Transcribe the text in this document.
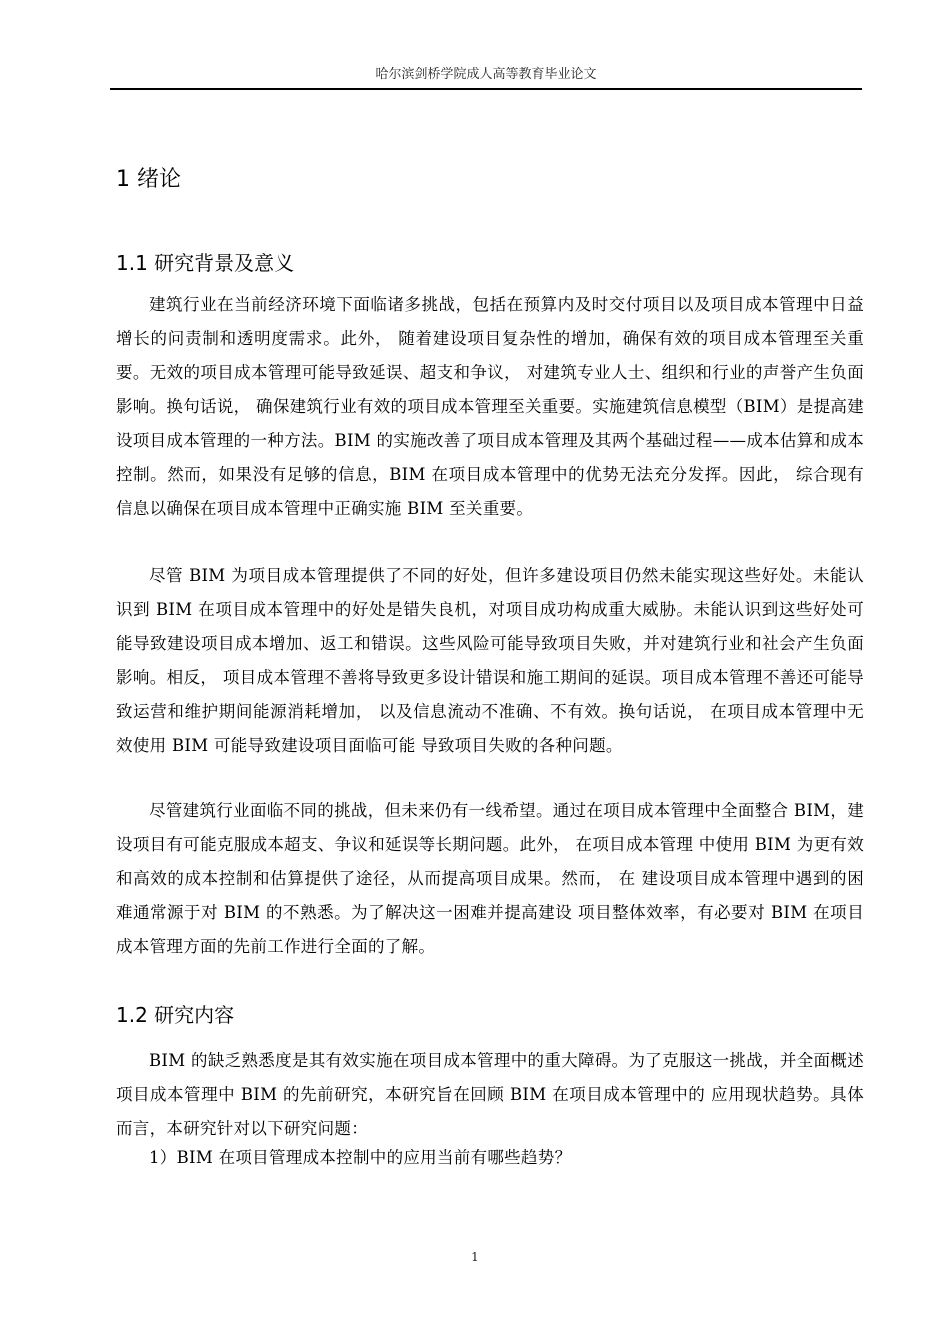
哈尔滨剑桥学院成人高等教育毕业论文
1 绪论
1.1 研究背景及意义

建筑行业在当前经济环境下面临诸多挑战，包括在预算内及时交付项目以及项目成本管理中日益增长的问责制和透明度需求。此外， 随着建设项目复杂性的增加，确保有效的项目成本管理至关重要。无效的项目成本管理可能导致延误、超支和争议， 对建筑专业人士、组织和行业的声誉产生负面影响。换句话说， 确保建筑行业有效的项目成本管理至关重要。实施建筑信息模型（BIM）是提高建设项目成本管理的一种方法。BIM 的实施改善了项目成本管理及其两个基础过程——成本估算和成本控制。然而，如果没有足够的信息，BIM 在项目成本管理中的优势无法充分发挥。因此， 综合现有信息以确保在项目成本管理中正确实施 BIM 至关重要。

尽管 BIM 为项目成本管理提供了不同的好处，但许多建设项目仍然未能实现这些好处。未能认识到 BIM 在项目成本管理中的好处是错失良机，对项目成功构成重大威胁。未能认识到这些好处可能导致建设项目成本增加、返工和错误。这些风险可能导致项目失败，并对建筑行业和社会产生负面影响。相反， 项目成本管理不善将导致更多设计错误和施工期间的延误。项目成本管理不善还可能导致运营和维护期间能源消耗增加， 以及信息流动不准确、不有效。换句话说， 在项目成本管理中无效使用 BIM 可能导致建设项目面临可能 导致项目失败的各种问题。

尽管建筑行业面临不同的挑战，但未来仍有一线希望。通过在项目成本管理中全面整合 BIM，建设项目有可能克服成本超支、争议和延误等长期问题。此外， 在项目成本管理 中使用 BIM 为更有效和高效的成本控制和估算提供了途径，从而提高项目成果。然而， 在 建设项目成本管理中遇到的困难通常源于对 BIM 的不熟悉。为了解决这一困难并提高建设 项目整体效率，有必要对 BIM 在项目成本管理方面的先前工作进行全面的了解。

1.2 研究内容

BIM 的缺乏熟悉度是其有效实施在项目成本管理中的重大障碍。为了克服这一挑战，并全面概述项目成本管理中 BIM 的先前研究，本研究旨在回顾 BIM 在项目成本管理中的 应用现状趋势。具体而言，本研究针对以下研究问题：

1）BIM 在项目管理成本控制中的应用当前有哪些趋势？
1
